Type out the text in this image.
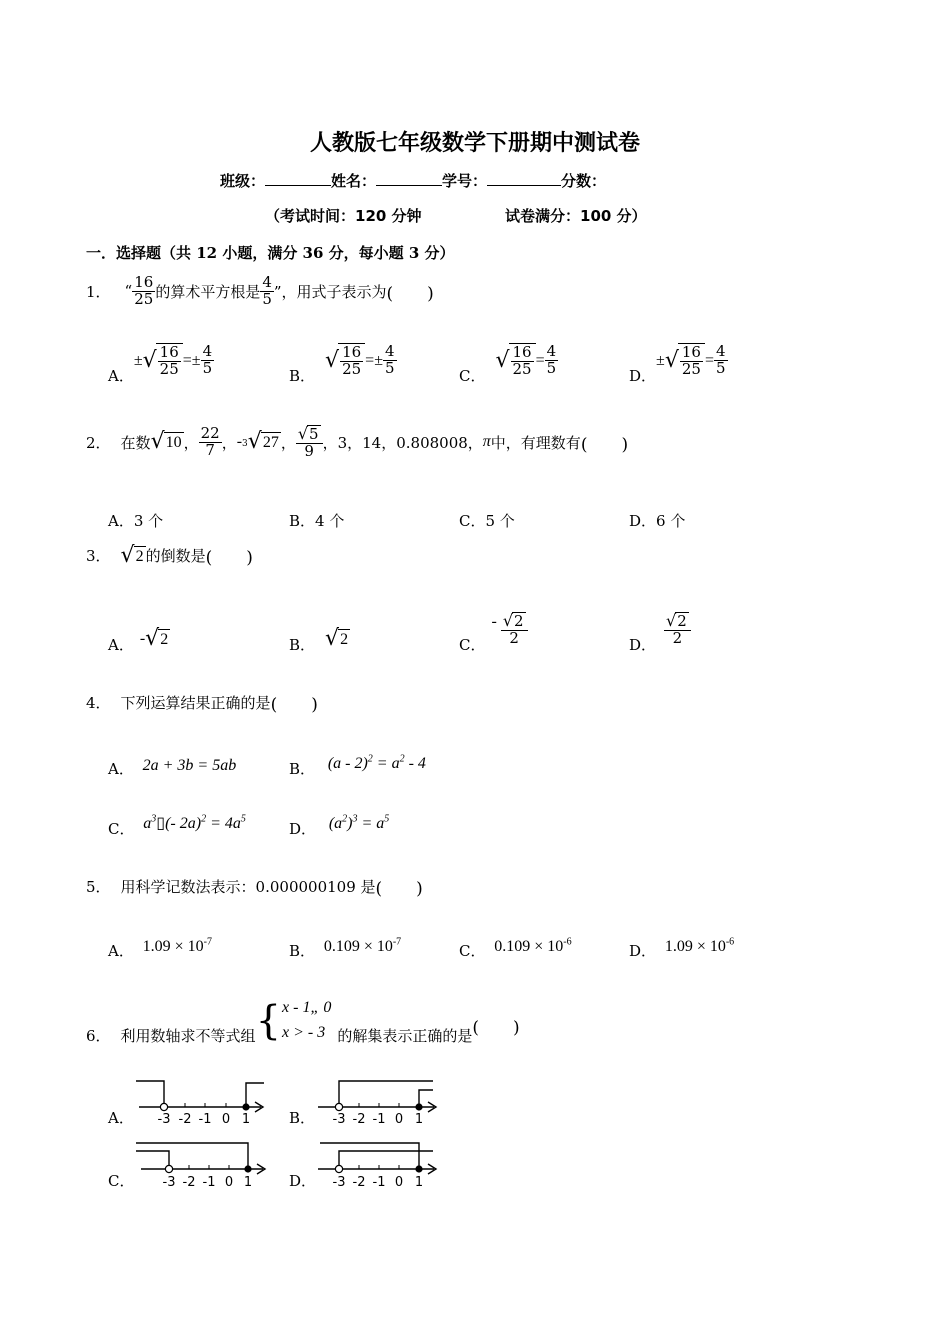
人教版七年级数学下册期中测试卷
班级：	姓名：	学号：	分数：
（考试时间：120 分钟	试卷满分：100 分）
一．选择题（共 12 小题，满分 36 分，每小题 3 分）
1． “ $\frac{16}{25}$ 的算术平方根是 $\frac{4}{5}$ ”，用式子表示为 (　　)
A．
± √ $\frac{16}{25}$ = ± $\frac{4}{5}$	B．
√ $\frac{16}{25}$ = ± $\frac{4}{5}$	C．
√ $\frac{16}{25} = \frac{4}{5}$	D．
± √ $\frac{16}{25} = \frac{4}{5}$
2． 在数 √ 10 ， $\frac{22}{7}$ ， - 3 √ 27 ， $\frac{√ 5}{9}$ ，3，14，0.808008， π 中，有理数有 (　　)
A．3 个	B．4 个	C．5 个	D．6 个
3． √ 2 的倒数是 (　　)
A． - √ 2	B． √ 2	C．
- $\frac{√ 2}{2}$	D． $\frac{√ 2}{2}$
4． 下列运算结果正确的是 (　　)
A． 2a + 3b = 5ab	B． $(a - 2)^2 = a^2 - 4$
C． $a^3▯(-$ $2a)^2 = 4a^5$
D． $(a^2)^3 = a^5$
5． 用科学记数法表示：0.000000109 是 (　　)
A． $1.09 \times 10^{-7}$	B． $0.109 \times 10^{-7}$	C． $0.109 \times 10^{-6}$	D． $1.09 \times 10^{-6}$
6． 利用数轴求不等式组 { x - 1„ 0
x > - 3 的解集表示正确的是 (　　)
A． -3 -2 -1 0 1	B． -3 -2 -1 0 1
C． -3 -2 -1 0 1 D． -3 -2 -1 0 1
